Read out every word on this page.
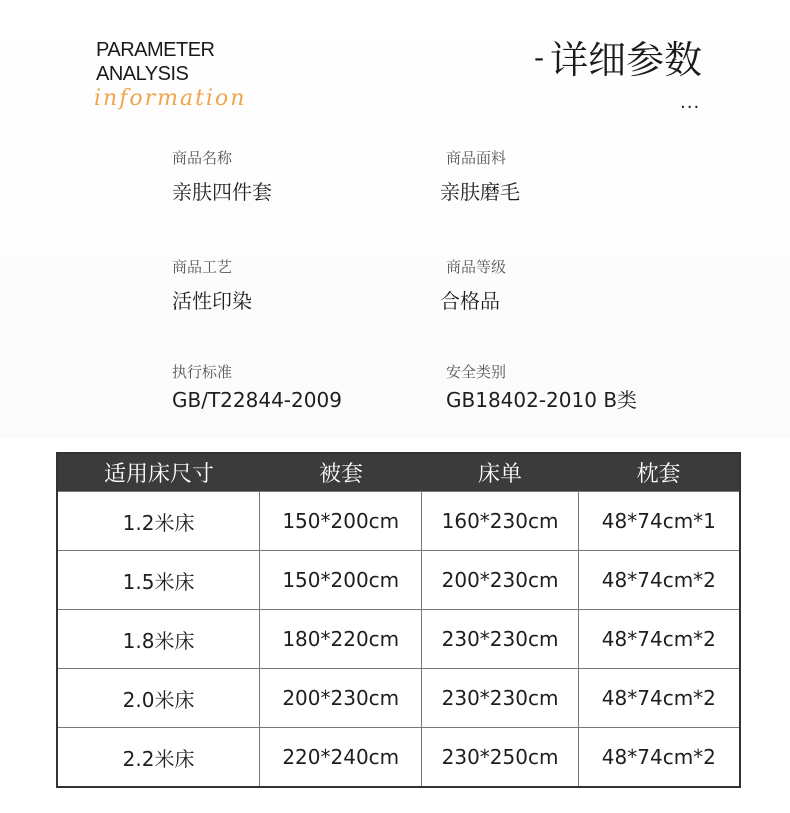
PARAMETER
ANALYSIS
information
- 详细参数
...
商品名称
亲肤四件套
商品面料
亲肤磨毛
商品工艺
活性印染
商品等级
合格品
执行标准
GB/T22844-2009
安全类别
GB18402-2010 B类
适用床尺寸	被套	床单	枕套
1.2米床	150*200cm	160*230cm	48*74cm*1
1.5米床	150*200cm	200*230cm	48*74cm*2
1.8米床	180*220cm	230*230cm	48*74cm*2
2.0米床	200*230cm	230*230cm	48*74cm*2
2.2米床	220*240cm	230*250cm	48*74cm*2
